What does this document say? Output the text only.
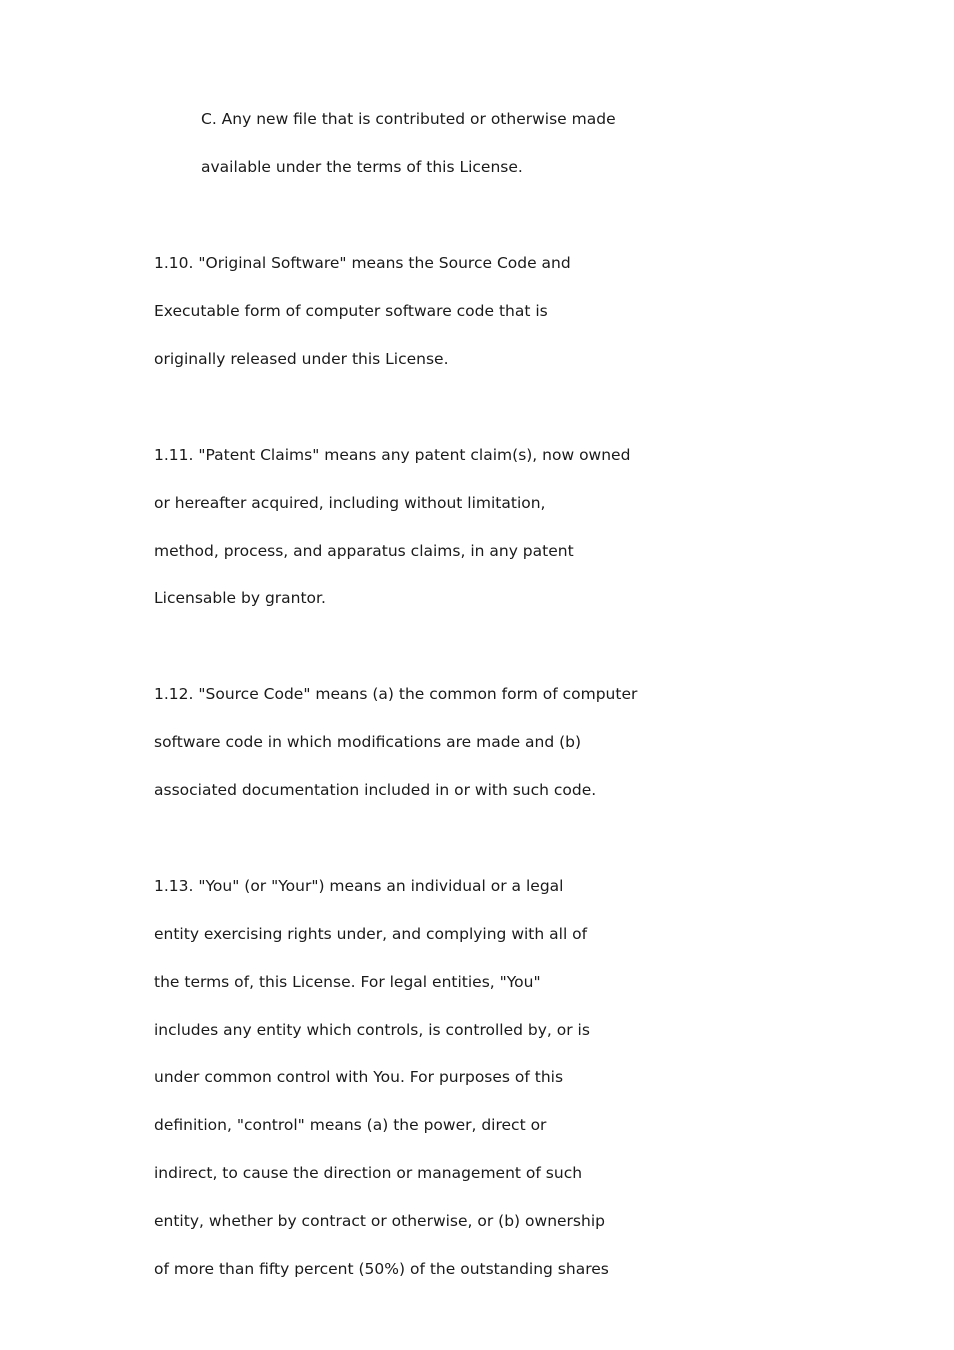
C. Any new file that is contributed or otherwise made
available under the terms of this License.
1.10. "Original Software" means the Source Code and
Executable form of computer software code that is
originally released under this License.
1.11. "Patent Claims" means any patent claim(s), now owned
or hereafter acquired, including without limitation,
method, process, and apparatus claims, in any patent
Licensable by grantor.
1.12. "Source Code" means (a) the common form of computer
software code in which modifications are made and (b)
associated documentation included in or with such code.
1.13. "You" (or "Your") means an individual or a legal
entity exercising rights under, and complying with all of
the terms of, this License. For legal entities, "You"
includes any entity which controls, is controlled by, or is
under common control with You. For purposes of this
definition, "control" means (a) the power, direct or
indirect, to cause the direction or management of such
entity, whether by contract or otherwise, or (b) ownership
of more than fifty percent (50%) of the outstanding shares
